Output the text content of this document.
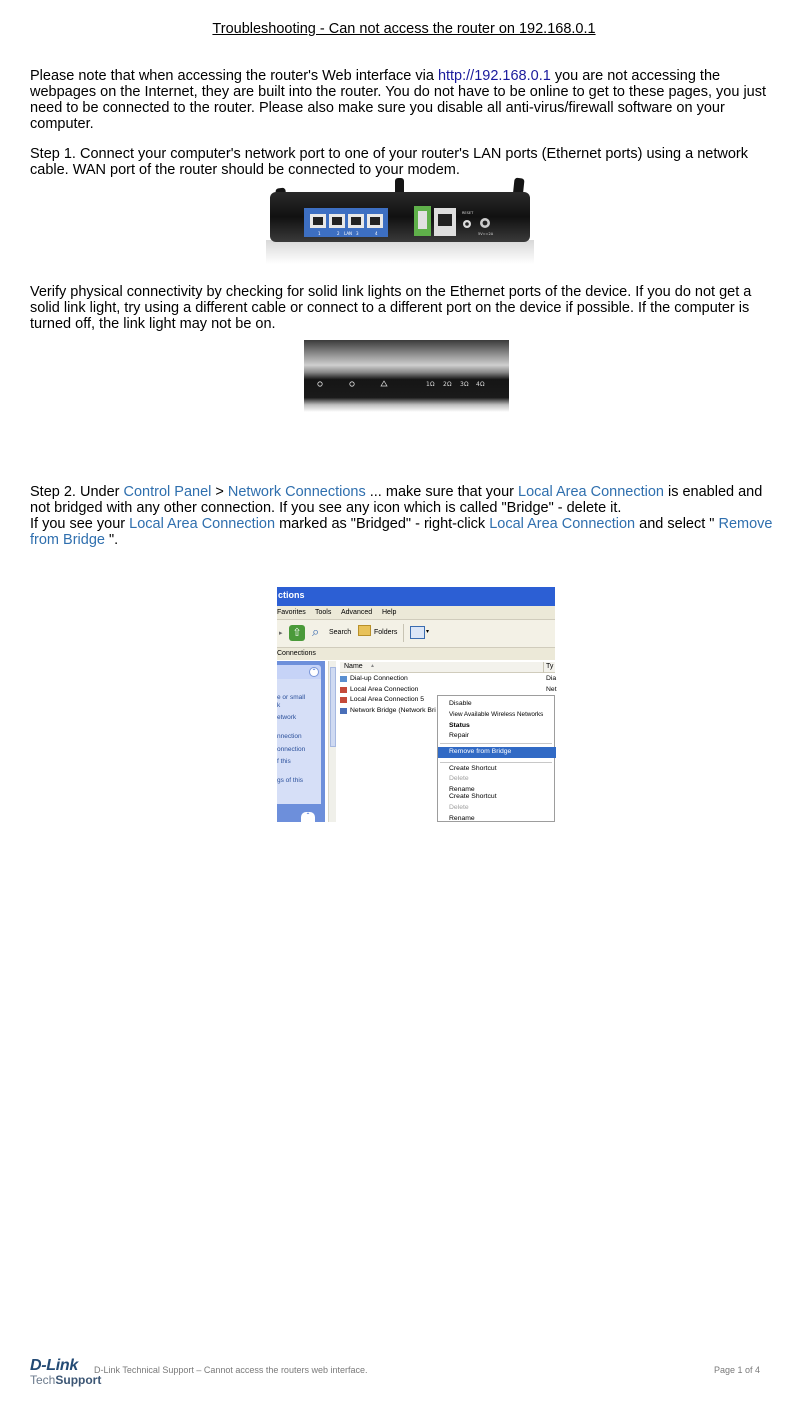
Troubleshooting - Can not access the router on 192.168.0.1
Please note that when accessing the router's Web interface via http://192.168.0.1 you are not accessing the webpages on the Internet, they are built into the router. You do not have to be online to get to these pages, you just need to be connected to the router. Please also make sure you disable all anti-virus/firewall software on your computer.
Step 1. Connect your computer's network port to one of your router's LAN ports (Ethernet ports) using a network cable. WAN port of the router should be connected to your modem.
1	2 LAN 3	4
RESET
5V==2A
Verify physical connectivity by checking for solid link lights on the Ethernet ports of the device. If you do not get a solid link light, try using a different cable or connect to a different port on the device if possible. If the computer is turned off, the link light may not be on.
1 Ω 2 Ω 3 Ω 4 Ω
Step 2. Under Control Panel > Network Connections ... make sure that your Local Area Connection is enabled and not bridged with any other connection. If you see any icon which is called "Bridge" - delete it.
If you see your Local Area Connection marked as "Bridged" - right-click Local Area Connection and select " Remove from Bridge ".
ctions
Favorites Tools Advanced Help
▸ ⇧ ⌕ Search	Folders	▾
Connections
⌃
e or small
k
etwork
nnection
onnection
f this
gs of this
⌃
Name ▲	Ty
Dial-up Connection	Dia
Local Area Connection	Net
Local Area Connection 5
Network Bridge (Network Bri
Disable
View Available Wireless Networks
Status
Repair
Remove from Bridge
Create Shortcut
Delete
Rename
Create Shortcut
Delete
Rename
D-Link
TechSupport
D-Link Technical Support – Cannot access the routers web interface.	Page 1 of 4
